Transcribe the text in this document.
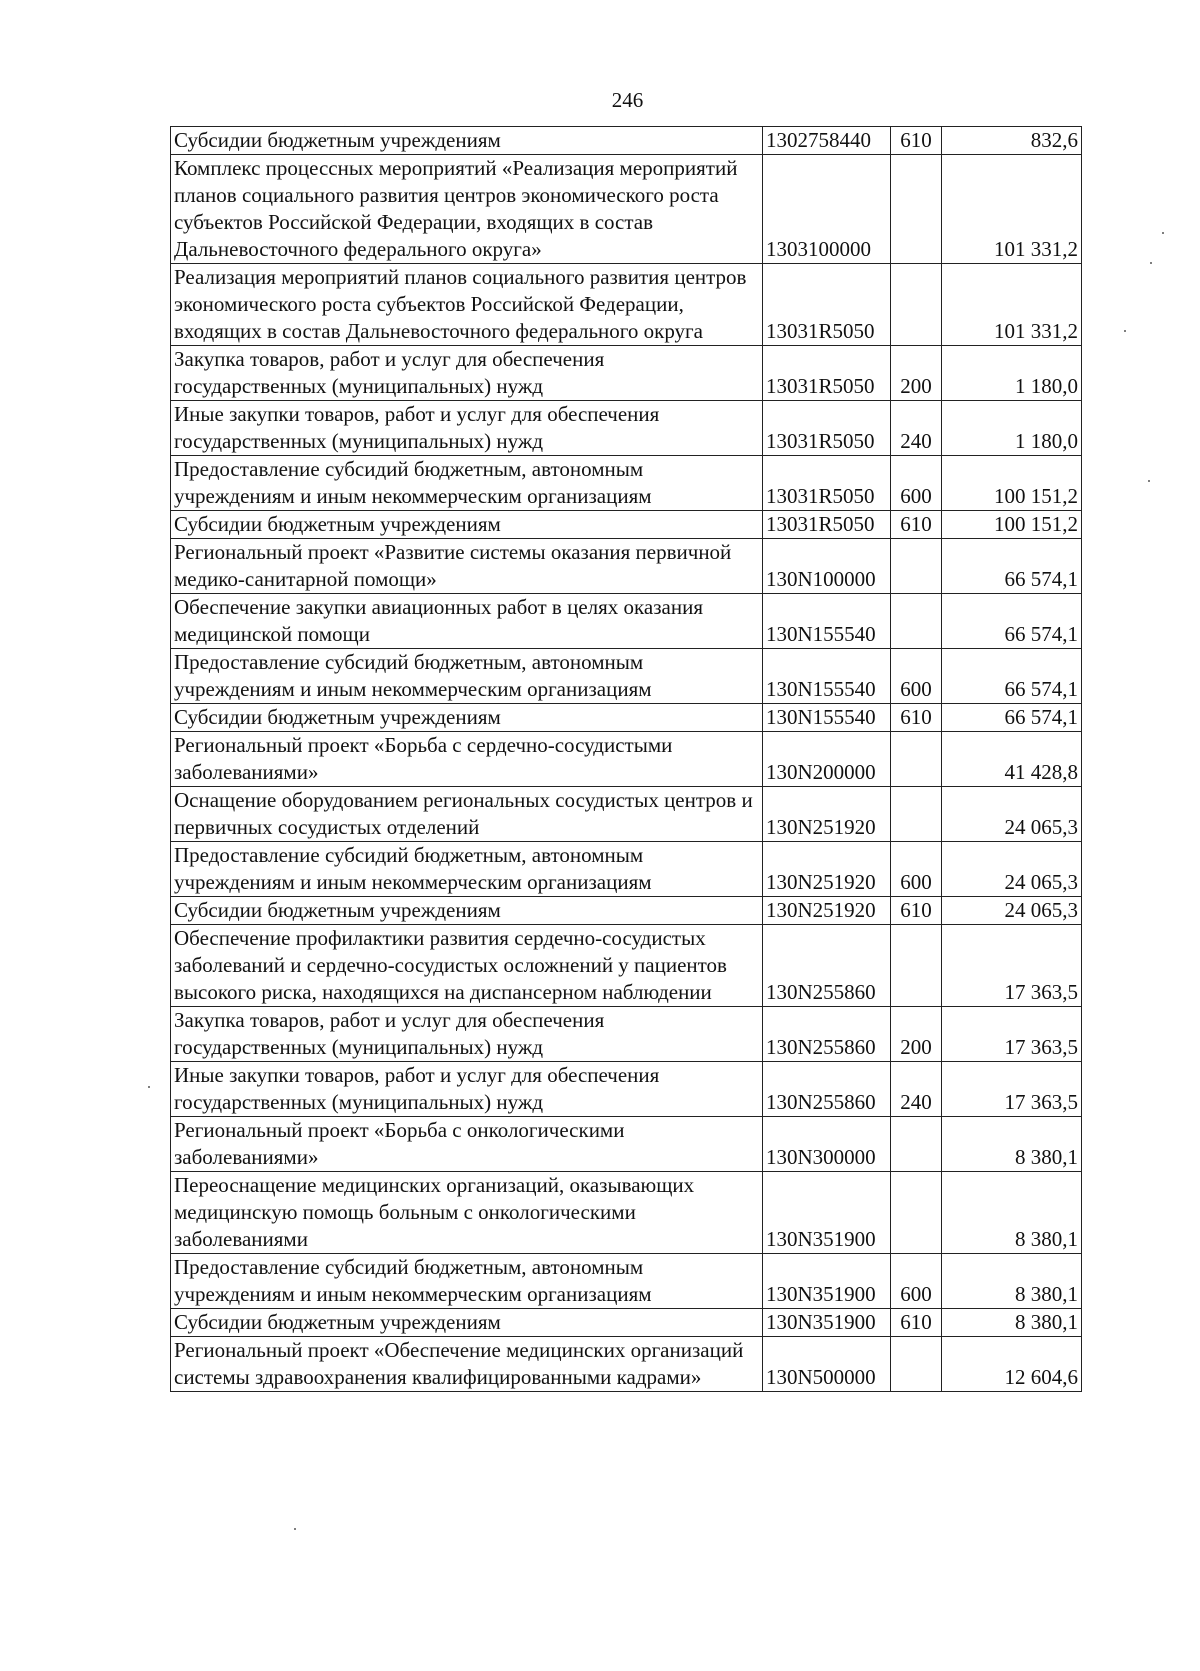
246
Субсидии бюджетным учреждениям	1302758440	610	832,6
Комплекс процессных мероприятий «Реализация мероприятий планов социального развития центров экономического роста субъектов Российской Федерации, входящих в состав Дальневосточного федерального округа»	1303100000		101 331,2
Реализация мероприятий планов социального развития центров экономического роста субъектов Российской Федерации, входящих в состав Дальневосточного федерального округа	13031R5050		101 331,2
Закупка товаров, работ и услуг для обеспечения государственных (муниципальных) нужд	13031R5050	200	1 180,0
Иные закупки товаров, работ и услуг для обеспечения государственных (муниципальных) нужд	13031R5050	240	1 180,0
Предоставление субсидий бюджетным, автономным учреждениям и иным некоммерческим организациям	13031R5050	600	100 151,2
Субсидии бюджетным учреждениям	13031R5050	610	100 151,2
Региональный проект «Развитие системы оказания первичной медико-санитарной помощи»	130N100000		66 574,1
Обеспечение закупки авиационных работ в целях оказания медицинской помощи	130N155540		66 574,1
Предоставление субсидий бюджетным, автономным учреждениям и иным некоммерческим организациям	130N155540	600	66 574,1
Субсидии бюджетным учреждениям	130N155540	610	66 574,1
Региональный проект «Борьба с сердечно-сосудистыми заболеваниями»	130N200000		41 428,8
Оснащение оборудованием региональных сосудистых центров и первичных сосудистых отделений	130N251920		24 065,3
Предоставление субсидий бюджетным, автономным учреждениям и иным некоммерческим организациям	130N251920	600	24 065,3
Субсидии бюджетным учреждениям	130N251920	610	24 065,3
Обеспечение профилактики развития сердечно-сосудистых заболеваний и сердечно-сосудистых осложнений у пациентов высокого риска, находящихся на диспансерном наблюдении	130N255860		17 363,5
Закупка товаров, работ и услуг для обеспечения государственных (муниципальных) нужд	130N255860	200	17 363,5
Иные закупки товаров, работ и услуг для обеспечения государственных (муниципальных) нужд	130N255860	240	17 363,5
Региональный проект «Борьба с онкологическими заболеваниями»	130N300000		8 380,1
Переоснащение медицинских организаций, оказывающих медицинскую помощь больным с онкологическими заболеваниями	130N351900		8 380,1
Предоставление субсидий бюджетным, автономным учреждениям и иным некоммерческим организациям	130N351900	600	8 380,1
Субсидии бюджетным учреждениям	130N351900	610	8 380,1
Региональный проект «Обеспечение медицинских организаций системы здравоохранения квалифицированными кадрами»	130N500000		12 604,6
